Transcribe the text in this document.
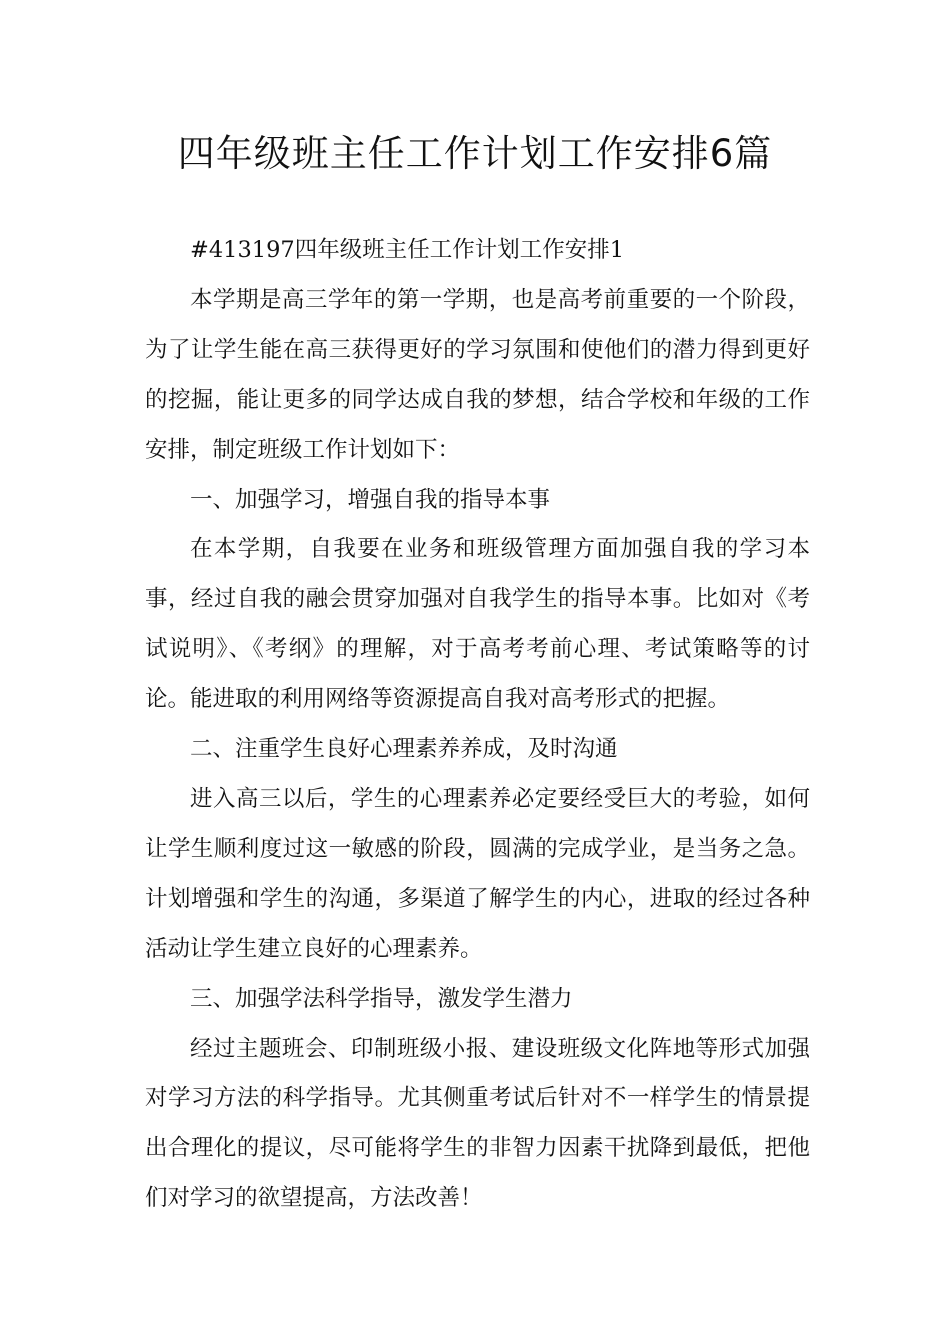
四年级班主任工作计划工作安排6篇

#413197四年级班主任工作计划工作安排1

本学期是高三学年的第一学期，也是高考前重要的一个阶段，为了让学生能在高三获得更好的学习氛围和使他们的潜力得到更好的挖掘，能让更多的同学达成自我的梦想，结合学校和年级的工作安排，制定班级工作计划如下：

一、加强学习，增强自我的指导本事

在本学期，自我要在业务和班级管理方面加强自我的学习本事，经过自我的融会贯穿加强对自我学生的指导本事。比如对《考试说明》、《考纲》的理解，对于高考考前心理、考试策略等的讨论。能进取的利用网络等资源提高自我对高考形式的把握。

二、注重学生良好心理素养养成，及时沟通

进入高三以后，学生的心理素养必定要经受巨大的考验，如何让学生顺利度过这一敏感的阶段，圆满的完成学业，是当务之急。计划增强和学生的沟通，多渠道了解学生的内心，进取的经过各种活动让学生建立良好的心理素养。

三、加强学法科学指导，激发学生潜力

经过主题班会、印制班级小报、建设班级文化阵地等形式加强对学习方法的科学指导。尤其侧重考试后针对不一样学生的情景提出合理化的提议，尽可能将学生的非智力因素干扰降到最低，把他们对学习的欲望提高，方法改善！
